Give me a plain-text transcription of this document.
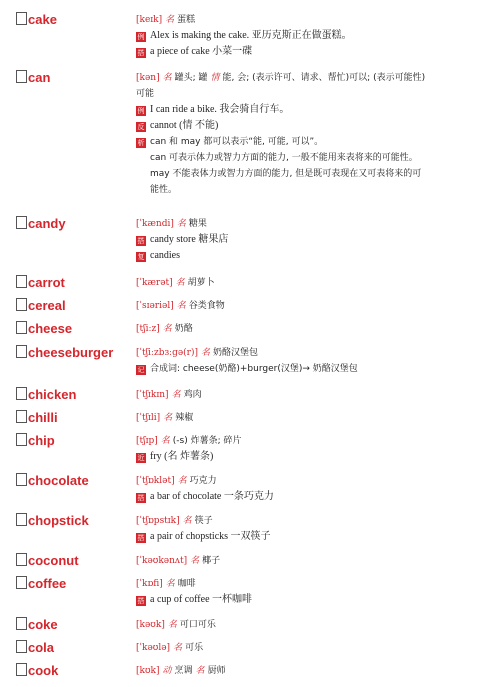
cake	[keɪk] 名 蛋糕
例 Alex is making the cake. 亚历克斯正在做蛋糕。
搭 a piece of cake 小菜一碟
can	[kən] 名 罐头; 罐 情 能, 会; (表示许可、请求、帮忙)可以; (表示可能性)
可能
例 I can ride a bike. 我会骑自行车。
反 cannot (情 不能)
析 can 和 may 都可以表示“能, 可能, 可以”。
can 可表示体力或智力方面的能力, 一般不能用来表将来的可能性。
may 不能表体力或智力方面的能力, 但是既可表现在又可表将来的可
能性。
candy	[ˈkændi] 名 糖果
搭 candy store 糖果店
复 candies
carrot	[ˈkærət] 名 胡萝卜
cereal	[ˈsɪəriəl] 名 谷类食物
cheese	[tʃiːz] 名 奶酪
cheeseburger	[ˈtʃiːzbɜːgə(r)] 名 奶酪汉堡包
记 合成词: cheese(奶酪)+burger(汉堡)→ 奶酪汉堡包
chicken	[ˈtʃɪkɪn] 名 鸡肉
chilli	[ˈtʃɪli] 名 辣椒
chip	[tʃɪp] 名 (-s) 炸薯条; 碎片
近 fry (名 炸薯条)
chocolate	[ˈtʃɒklət] 名 巧克力
搭 a bar of chocolate 一条巧克力
chopstick	[ˈtʃɒpstɪk] 名 筷子
搭 a pair of chopsticks 一双筷子
coconut	[ˈkəʊkənʌt] 名 椰子
coffee	[ˈkɒfi] 名 咖啡
搭 a cup of coffee 一杯咖啡
coke	[kəʊk] 名 可口可乐
cola	[ˈkəʊlə] 名 可乐
cook	[kʊk] 动 烹调 名 厨师
